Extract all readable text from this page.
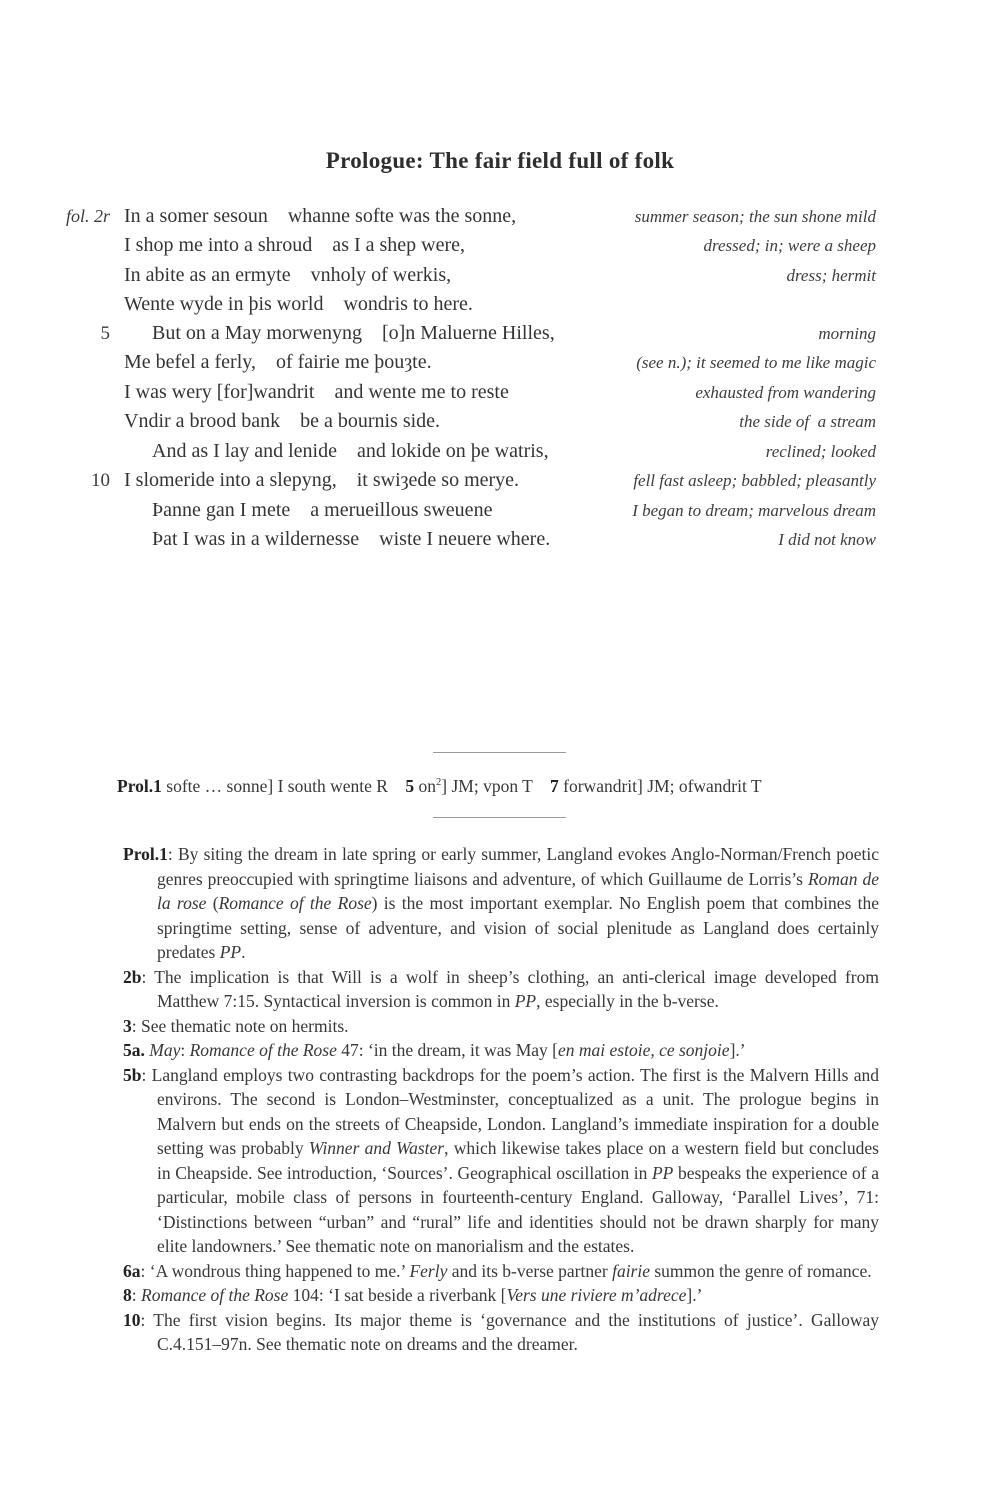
Prologue: The fair field full of folk
fol. 2r In a somer sesoun    whanne softe was the sonne,	summer season; the sun shone mild
I shop me into a shroud    as I a shep were,	dressed; in; were a sheep
In abite as an ermyte    vnholy of werkis,	dress; hermit
Wente wyde in þis world    wondris to here.
5	But on a May morwenyng    [o]n Maluerne Hilles,	morning
Me befel a ferly,    of fairie me þouȝte.	(see n.); it seemed to me like magic
I was wery [for]wandrit    and wente me to reste	exhausted from wandering
Vndir a brood bank    be a bournis side.	the side of  a stream
And as I lay and lenide    and lokide on þe watris,	reclined; looked
10 I slomeride into a slepyng,    it swiȝede so merye.	fell fast asleep; babbled; pleasantly
Þanne gan I mete    a merueillous sweuene	I began to dream; marvelous dream
Þat I was in a wildernesse    wiste I neuere where.	I did not know

Prol.1 softe … sonne] I south wente R    5 $on^2$] JM; vpon T    7 forwandrit] JM; ofwandrit T

Prol.1: By siting the dream in late spring or early summer, Langland evokes Anglo-Norman/French poetic genres preoccupied with springtime liaisons and adventure, of which Guillaume de Lorris’s Roman de la rose (Romance of the Rose) is the most important exemplar. No English poem that combines the springtime setting, sense of adventure, and vision of social plenitude as Langland does certainly predates PP.

2b: The implication is that Will is a wolf in sheep’s clothing, an anti-clerical image developed from Matthew 7:15. Syntactical inversion is common in PP, especially in the b-verse.

3: See thematic note on hermits.

5a. May: Romance of the Rose 47: ‘in the dream, it was May [en mai estoie, ce sonjoie].’

5b: Langland employs two contrasting backdrops for the poem’s action. The first is the Malvern Hills and environs. The second is London–Westminster, conceptualized as a unit. The prologue begins in Malvern but ends on the streets of Cheapside, London. Langland’s immediate inspiration for a double setting was probably Winner and Waster, which likewise takes place on a western field but concludes in Cheapside. See introduction, ‘Sources’. Geographical oscillation in PP bespeaks the experience of a particular, mobile class of persons in fourteenth-century England. Galloway, ‘Parallel Lives’, 71: ‘Distinctions between “urban” and “rural” life and identities should not be drawn sharply for many elite landowners.’ See thematic note on manorialism and the estates.

6a: ‘A wondrous thing happened to me.’ Ferly and its b-verse partner fairie summon the genre of romance.

8: Romance of the Rose 104: ‘I sat beside a riverbank [Vers une riviere m’adrece].’

10: The first vision begins. Its major theme is ‘governance and the institutions of justice’. Galloway C.4.151–97n. See thematic note on dreams and the dreamer.
